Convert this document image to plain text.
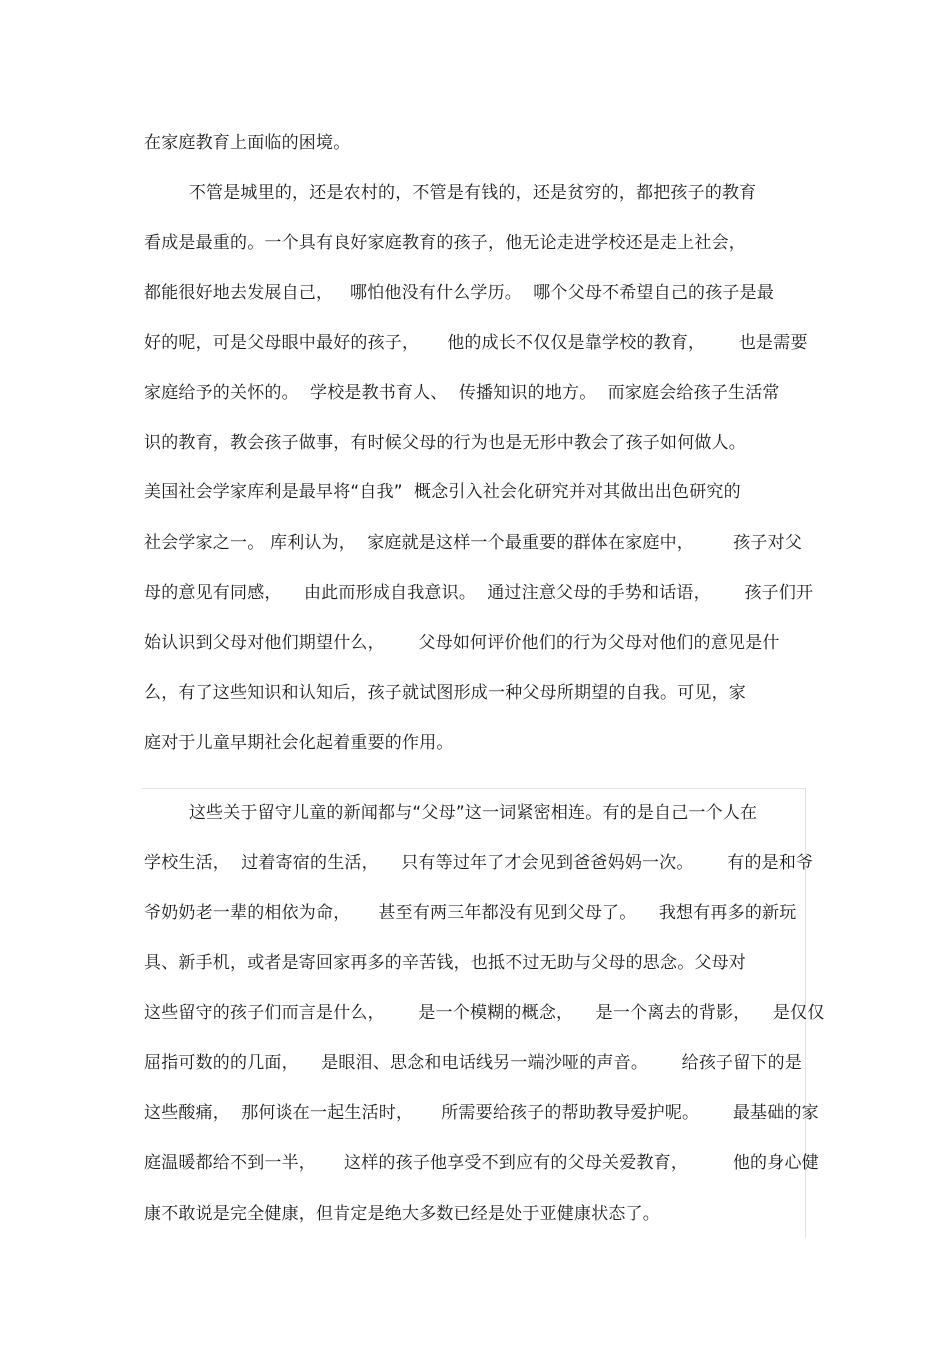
在家庭教育上面临的困境。
不管是城里的，还是农村的，不管是有钱的，还是贫穷的，都把孩子的教育
看成是最重的。一个具有良好家庭教育的孩子，他无论走进学校还是走上社会，
都能很好地去发展自己，   哪怕他没有什么学历。  哪个父母不希望自己的孩子是最
好的呢，可是父母眼中最好的孩子，     他的成长不仅仅是靠学校的教育，      也是需要
家庭给予的关怀的。  学校是教书育人、  传播知识的地方。  而家庭会给孩子生活常
识的教育，教会孩子做事，有时候父母的行为也是无形中教会了孩子如何做人。
美国社会学家库利是最早将“自我”  概念引入社会化研究并对其做出出色研究的
社会学家之一。 库利认为，  家庭就是这样一个最重要的群体在家庭中，       孩子对父
母的意见有同感，    由此而形成自我意识。  通过注意父母的手势和话语，      孩子们开
始认识到父母对他们期望什么，      父母如何评价他们的行为父母对他们的意见是什
么，有了这些知识和认知后，孩子就试图形成一种父母所期望的自我。可见，家
庭对于儿童早期社会化起着重要的作用。
这些关于留守儿童的新闻都与“父母”这一词紧密相连。有的是自己一个人在
学校生活，  过着寄宿的生活，    只有等过年了才会见到爸爸妈妈一次。      有的是和爷
爷奶奶老一辈的相依为命，     甚至有两三年都没有见到父母了。    我想有再多的新玩
具、新手机，或者是寄回家再多的辛苦钱，也抵不过无助与父母的思念。父母对
这些留守的孩子们而言是什么，      是一个模糊的概念，    是一个离去的背影，    是仅仅
屈指可数的的几面，    是眼泪、思念和电话线另一端沙哑的声音。      给孩子留下的是
这些酸痛，  那何谈在一起生活时，     所需要给孩子的帮助教导爱护呢。      最基础的家
庭温暖都给不到一半，     这样的孩子他享受不到应有的父母关爱教育，        他的身心健
康不敢说是完全健康，但肯定是绝大多数已经是处于亚健康状态了。
